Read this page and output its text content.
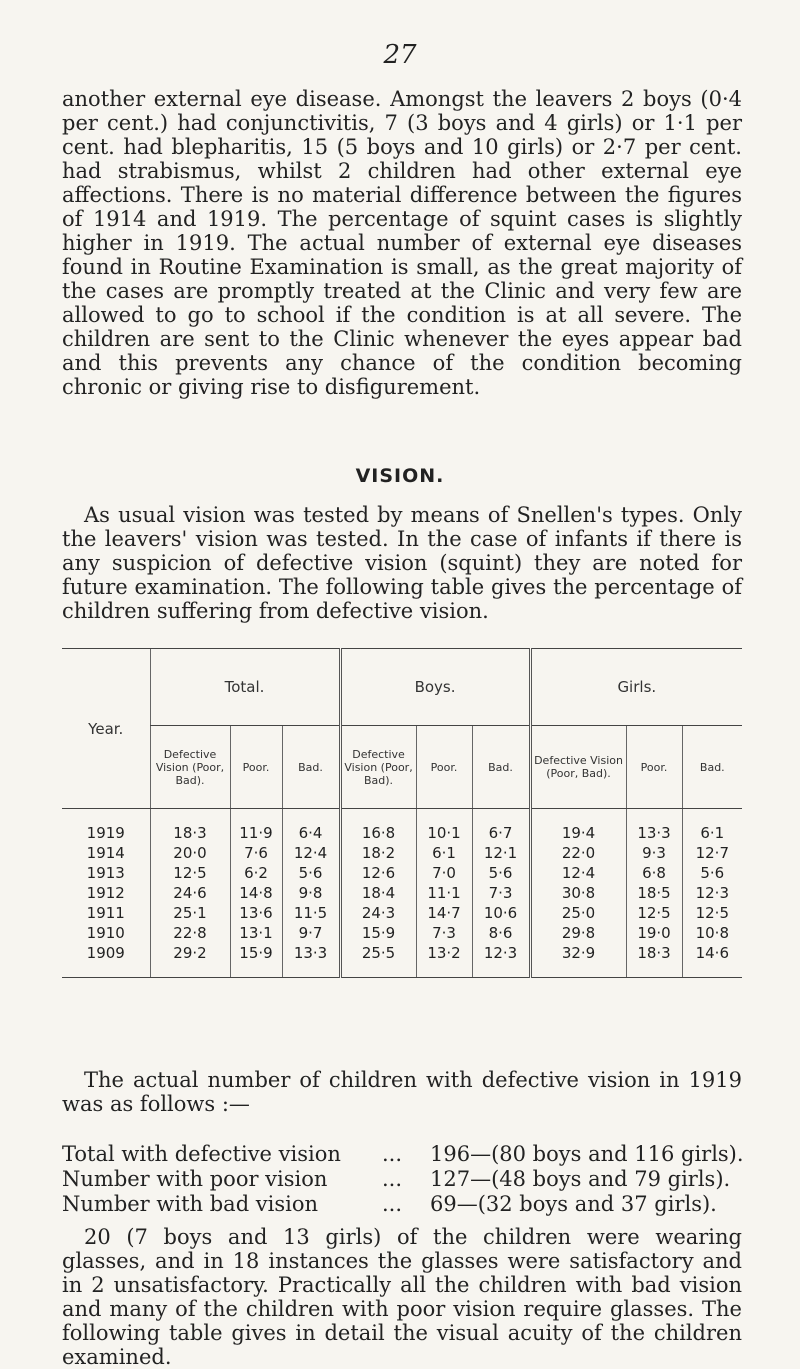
27

another external eye disease. Amongst the leavers 2 boys (0·4 per cent.) had conjunctivitis, 7 (3 boys and 4 girls) or 1·1 per cent. had blepharitis, 15 (5 boys and 10 girls) or 2·7 per cent. had strabismus, whilst 2 children had other external eye affections. There is no material difference between the figures of 1914 and 1919. The percentage of squint cases is slightly higher in 1919. The actual number of external eye diseases found in Routine Examination is small, as the great majority of the cases are promptly treated at the Clinic and very few are allowed to go to school if the condition is at all severe. The children are sent to the Clinic whenever the eyes appear bad and this prevents any chance of the condition becoming chronic or giving rise to disfigurement.

VISION.

As usual vision was tested by means of Snellen's types. Only the leavers' vision was tested. In the case of infants if there is any suspicion of defective vision (squint) they are noted for future examination. The following table gives the percentage of children suffering from defective vision.

Year.	Total.			Boys.			Girls.		
	Defective Vision (Poor, Bad).	Poor.	Bad.	Defective Vision (Poor, Bad).	Poor.	Bad.	Defective Vision (Poor, Bad).	Poor.	Bad.
1919	18·3	11·9	6·4	16·8	10·1	6·7	19·4	13·3	6·1
1914	20·0	7·6	12·4	18·2	6·1	12·1	22·0	9·3	12·7
1913	12·5	6·2	5·6	12·6	7·0	5·6	12·4	6·8	5·6
1912	24·6	14·8	9·8	18·4	11·1	7·3	30·8	18·5	12·3
1911	25·1	13·6	11·5	24·3	14·7	10·6	25·0	12·5	12·5
1910	22·8	13·1	9·7	15·9	7·3	8·6	29·8	19·0	10·8
1909	29·2	15·9	13·3	25·5	13·2	12·3	32·9	18·3	14·6

The actual number of children with defective vision in 1919 was as follows :—

Total with defective vision	...	196—(80 boys and 116 girls).
Number with poor vision	...	127—(48 boys and 79 girls).
Number with bad vision	...	69—(32 boys and 37 girls).

20 (7 boys and 13 girls) of the children were wearing glasses, and in 18 instances the glasses were satisfactory and in 2 unsatisfactory. Practically all the children with bad vision and many of the children with poor vision require glasses. The following table gives in detail the visual acuity of the children examined.
